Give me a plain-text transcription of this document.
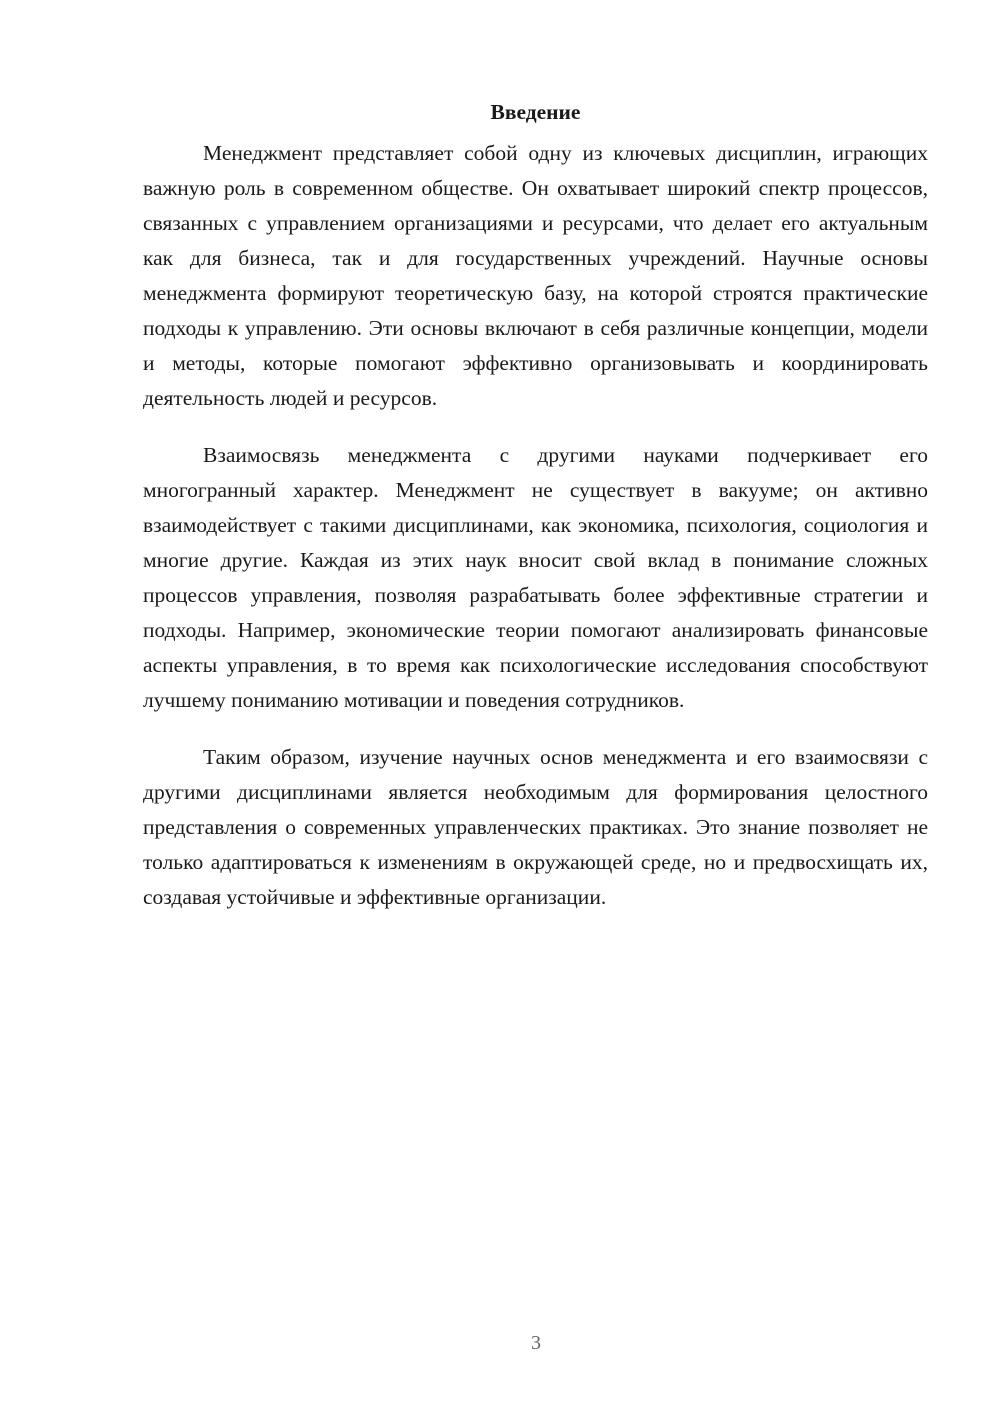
Введение

Менеджмент представляет собой одну из ключевых дисциплин, играющих важную роль в современном обществе. Он охватывает широкий спектр процессов, связанных с управлением организациями и ресурсами, что делает его актуальным как для бизнеса, так и для государственных учреждений. Научные основы менеджмента формируют теоретическую базу, на которой строятся практические подходы к управлению. Эти основы включают в себя различные концепции, модели и методы, которые помогают эффективно организовывать и координировать деятельность людей и ресурсов.

Взаимосвязь менеджмента с другими науками подчеркивает его многогранный характер. Менеджмент не существует в вакууме; он активно взаимодействует с такими дисциплинами, как экономика, психология, социология и многие другие. Каждая из этих наук вносит свой вклад в понимание сложных процессов управления, позволяя разрабатывать более эффективные стратегии и подходы. Например, экономические теории помогают анализировать финансовые аспекты управления, в то время как психологические исследования способствуют лучшему пониманию мотивации и поведения сотрудников.

Таким образом, изучение научных основ менеджмента и его взаимосвязи с другими дисциплинами является необходимым для формирования целостного представления о современных управленческих практиках. Это знание позволяет не только адаптироваться к изменениям в окружающей среде, но и предвосхищать их, создавая устойчивые и эффективные организации.

3
